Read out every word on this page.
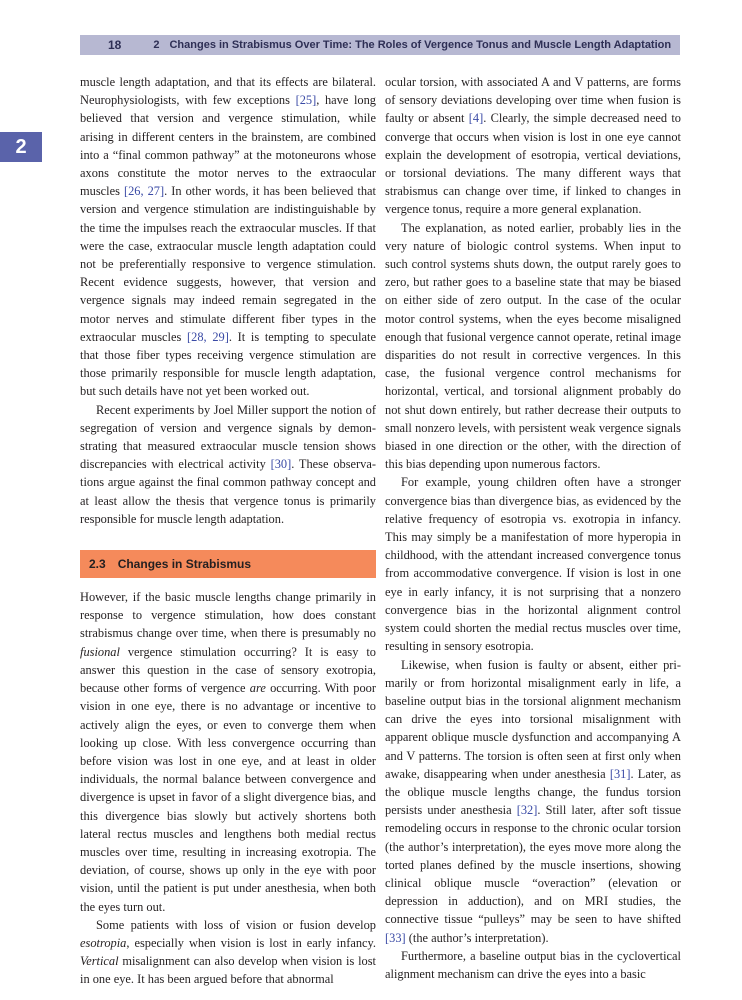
18	2 Changes in Strabismus Over Time: The Roles of Vergence Tonus and Muscle Length Adaptation
2

muscle length adaptation, and that its effects are bilateral. Neurophysiologists, with few exceptions [25], have long believed that version and vergence stimulation, while arising in different centers in the brainstem, are combined into a “final common pathway” at the motoneurons whose axons constitute the motor nerves to the extraocular muscles [26, 27]. In other words, it has been believed that version and vergence stimulation are indistinguishable by the time the impulses reach the extraocular muscles. If that were the case, extraocular muscle length adaptation could not be preferentially responsive to vergence stimulation. Recent evidence suggests, however, that version and vergence signals may indeed remain segregated in the motor nerves and stimulate different fiber types in the extraocular muscles [28, 29]. It is tempting to speculate that those fiber types receiving vergence stimulation are those primarily responsible for muscle length adaptation, but such details have not yet been worked out.

Recent experiments by Joel Miller support the notion of segregation of version and vergence signals by demonstrating that measured extraocular muscle tension shows discrepancies with electrical activity [30]. These observations argue against the final common pathway concept and at least allow the thesis that vergence tonus is primarily responsible for muscle length adaptation.

2.3 Changes in Strabismus

However, if the basic muscle lengths change primarily in response to vergence stimulation, how does constant strabismus change over time, when there is presumably no fusional vergence stimulation occurring? It is easy to answer this question in the case of sensory exotropia, because other forms of vergence are occurring. With poor vision in one eye, there is no advantage or incentive to actively align the eyes, or even to converge them when looking up close. With less convergence occurring than before vision was lost in one eye, and at least in older individuals, the normal balance between convergence and divergence is upset in favor of a slight divergence bias, and this divergence bias slowly but actively shortens both lateral rectus muscles and lengthens both medial rectus muscles over time, resulting in increasing exotropia. The deviation, of course, shows up only in the eye with poor vision, until the patient is put under anesthesia, when both the eyes turn out.

Some patients with loss of vision or fusion develop esotropia, especially when vision is lost in early infancy. Vertical misalignment can also develop when vision is lost in one eye. It has been argued before that abnormal

ocular torsion, with associated A and V patterns, are forms of sensory deviations developing over time when fusion is faulty or absent [4]. Clearly, the simple decreased need to converge that occurs when vision is lost in one eye cannot explain the development of esotropia, vertical deviations, or torsional deviations. The many different ways that strabismus can change over time, if linked to changes in vergence tonus, require a more general explanation.

The explanation, as noted earlier, probably lies in the very nature of biologic control systems. When input to such control systems shuts down, the output rarely goes to zero, but rather goes to a baseline state that may be biased on either side of zero output. In the case of the ocular motor control systems, when the eyes become misaligned enough that fusional vergence cannot operate, retinal image disparities do not result in corrective vergences. In this case, the fusional vergence control mechanisms for horizontal, vertical, and torsional alignment probably do not shut down entirely, but rather decrease their outputs to small nonzero levels, with persistent weak vergence signals biased in one direction or the other, with the direction of this bias depending upon numerous factors.

For example, young children often have a stronger convergence bias than divergence bias, as evidenced by the relative frequency of esotropia vs. exotropia in infancy. This may simply be a manifestation of more hyperopia in childhood, with the attendant increased convergence tonus from accommodative convergence. If vision is lost in one eye in early infancy, it is not surprising that a nonzero convergence bias in the horizontal alignment control system could shorten the medial rectus muscles over time, resulting in sensory esotropia.

Likewise, when fusion is faulty or absent, either primarily or from horizontal misalignment early in life, a baseline output bias in the torsional alignment mechanism can drive the eyes into torsional misalignment with apparent oblique muscle dysfunction and accompanying A and V patterns. The torsion is often seen at first only when awake, disappearing when under anesthesia [31]. Later, as the oblique muscle lengths change, the fundus torsion persists under anesthesia [32]. Still later, after soft tissue remodeling occurs in response to the chronic ocular torsion (the author’s interpretation), the eyes move more along the torted planes defined by the muscle insertions, showing clinical oblique muscle “overaction” (elevation or depression in adduction), and on MRI studies, the connective tissue “pulleys” may be seen to have shifted [33] (the author’s interpretation).

Furthermore, a baseline output bias in the cyclovertical alignment mechanism can drive the eyes into a basic
